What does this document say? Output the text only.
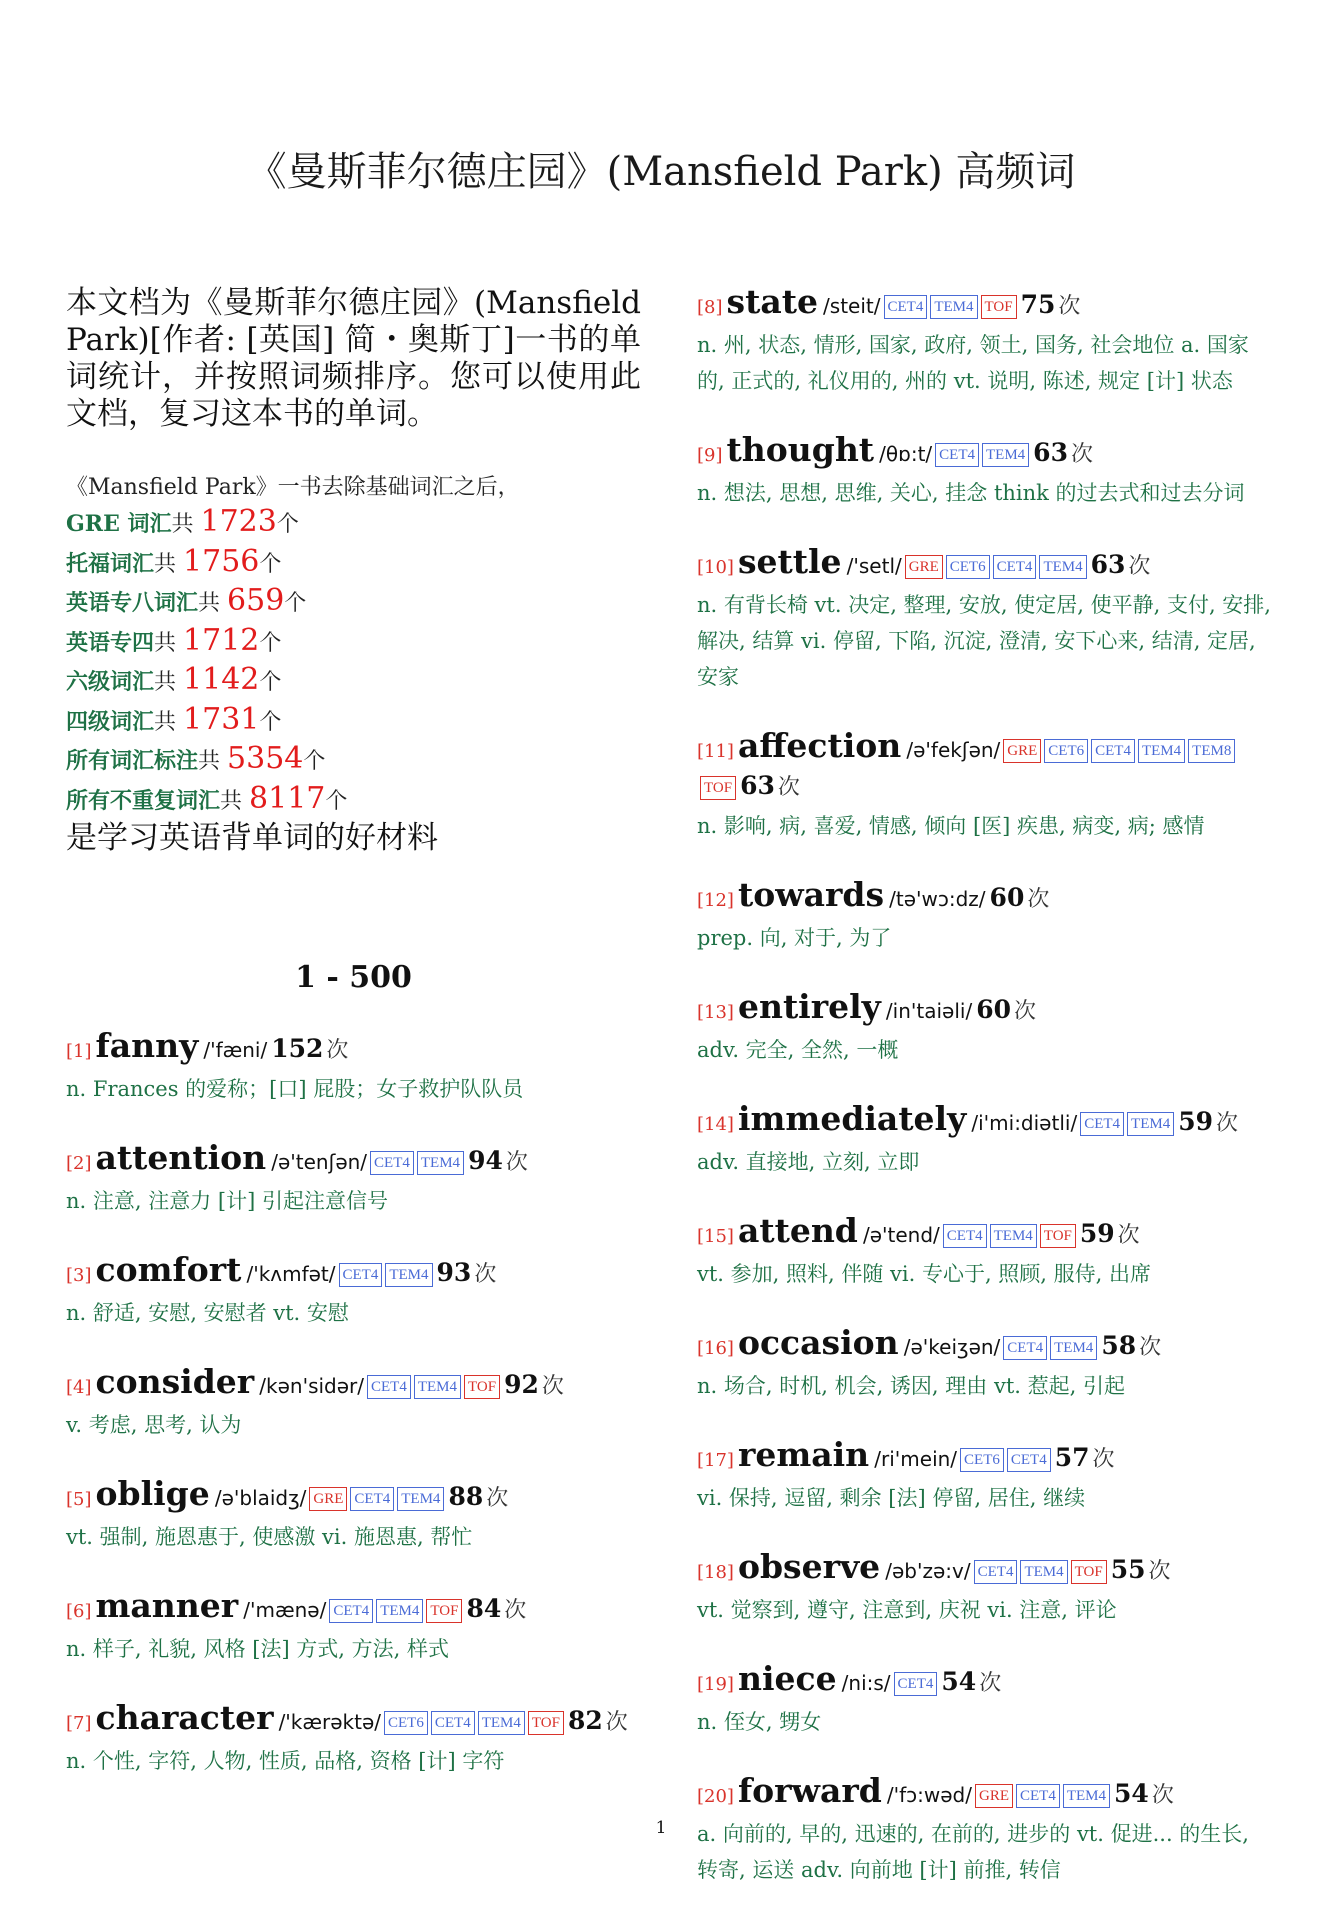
《曼斯菲尔德庄园》(Mansfield Park) 高频词

本文档为《曼斯菲尔德庄园》(Mansfield Park)[作者: [英国] 简・奥斯丁]一书的单词统计，并按照词频排序。您可以使用此文档，复习这本书的单词。

《Mansfield Park》一书去除基础词汇之后，
GRE 词汇共 1723个
托福词汇共 1756个
英语专八词汇共 659个
英语专四共 1712个
六级词汇共 1142个
四级词汇共 1731个
所有词汇标注共 5354个
所有不重复词汇共 8117个
是学习英语背单词的好材料
1 - 500
[1] fanny /'fæni/ 152 次
n. Frances 的爱称；[口] 屁股；女子救护队队员
[2] attention /ə'tenʃən/ CET4 TEM4 94 次
n. 注意, 注意力 [计] 引起注意信号
[3] comfort /'kʌmfət/ CET4 TEM4 93 次
n. 舒适, 安慰, 安慰者 vt. 安慰
[4] consider /kən'sidər/ CET4 TEM4 TOF 92 次
v. 考虑, 思考, 认为
[5] oblige /ə'blaidʒ/ GRE CET4 TEM4 88 次
vt. 强制, 施恩惠于, 使感激 vi. 施恩惠, 帮忙
[6] manner /'mænə/ CET4 TEM4 TOF 84 次
n. 样子, 礼貌, 风格 [法] 方式, 方法, 样式
[7] character /'kærəktə/ CET6 CET4 TEM4 TOF 82 次
n. 个性, 字符, 人物, 性质, 品格, 资格 [计] 字符
[8] state /steit/ CET4 TEM4 TOF 75 次
n. 州, 状态, 情形, 国家, 政府, 领土, 国务, 社会地位 a. 国家的, 正式的, 礼仪用的, 州的 vt. 说明, 陈述, 规定 [计] 状态
[9] thought /θɒ:t/ CET4 TEM4 63 次
n. 想法, 思想, 思维, 关心, 挂念 think 的过去式和过去分词
[10] settle /'setl/ GRE CET6 CET4 TEM4 63 次
n. 有背长椅 vt. 决定, 整理, 安放, 使定居, 使平静, 支付, 安排, 解决, 结算 vi. 停留, 下陷, 沉淀, 澄清, 安下心来, 结清, 定居, 安家
[11] affection /ə'fekʃən/ GRE CET6 CET4 TEM4 TEM8TOF 63 次
n. 影响, 病, 喜爱, 情感, 倾向 [医] 疾患, 病变, 病; 感情
[12] towards /tə'wɔ:dz/ 60 次
prep. 向, 对于, 为了
[13] entirely /in'taiəli/ 60 次
adv. 完全, 全然, 一概
[14] immediately /i'mi:diətli/ CET4 TEM4 59 次
adv. 直接地, 立刻, 立即
[15] attend /ə'tend/ CET4 TEM4 TOF 59 次
vt. 参加, 照料, 伴随 vi. 专心于, 照顾, 服侍, 出席
[16] occasion /ə'keiʒən/ CET4 TEM4 58 次
n. 场合, 时机, 机会, 诱因, 理由 vt. 惹起, 引起
[17] remain /ri'mein/ CET6 CET4 57 次
vi. 保持, 逗留, 剩余 [法] 停留, 居住, 继续
[18] observe /əb'zə:v/ CET4 TEM4 TOF 55 次
vt. 觉察到, 遵守, 注意到, 庆祝 vi. 注意, 评论
[19] niece /ni:s/ CET4 54 次
n. 侄女, 甥女
[20] forward /'fɔ:wəd/ GRE CET4 TEM4 54 次
a. 向前的, 早的, 迅速的, 在前的, 进步的 vt. 促进... 的生长, 转寄, 运送 adv. 向前地 [计] 前推, 转信
1
